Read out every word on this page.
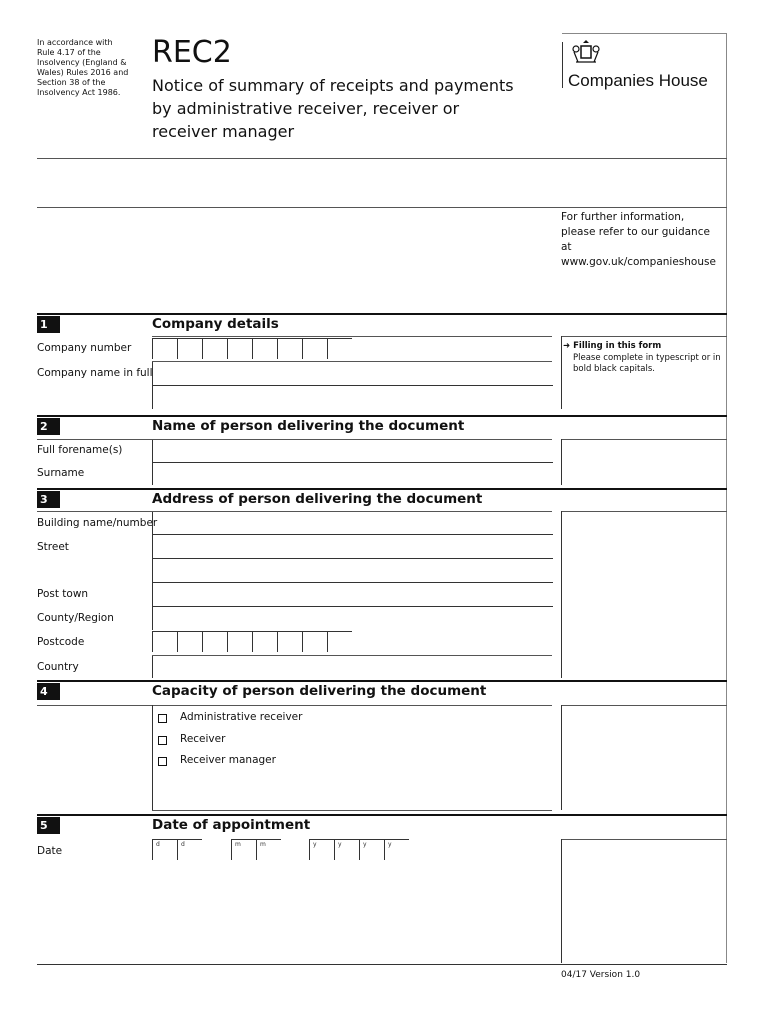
In accordance with Rule 4.17 of the Insolvency (England & Wales) Rules 2016 and Section 38 of the Insolvency Act 1986.
REC2
Notice of summary of receipts and payments by administrative receiver, receiver or receiver manager
Companies House
For further information, please refer to our guidance at www.gov.uk/companieshouse
1	Company details
Company number
Company name in full
➜ Filling in this form
Please complete in typescript or in bold black capitals.
2	Name of person delivering the document
Full forename(s)
Surname
3	Address of person delivering the document
Building name/number
Street
Post town
County/Region
Postcode
Country
4	Capacity of person delivering the document
Administrative receiver
Receiver
Receiver manager
5	Date of appointment
Date
d	d	m	m	y	y	y	y
04/17 Version 1.0
